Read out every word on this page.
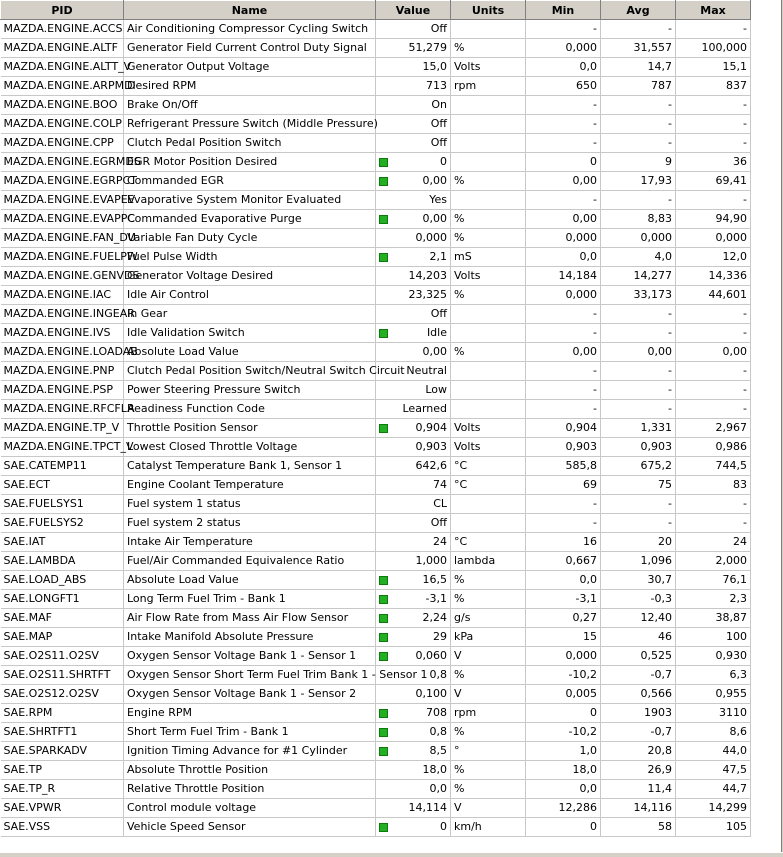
PID	Name	Value	Units	Min	Avg	Max
MAZDA.ENGINE.ACCS	Air Conditioning Compressor Cycling Switch	Off		-	-	-
MAZDA.ENGINE.ALTF	Generator Field Current Control Duty Signal	51,279	%	0,000	31,557	100,000
MAZDA.ENGINE.ALTT_V	Generator Output Voltage	15,0	Volts	0,0	14,7	15,1
MAZDA.ENGINE.ARPMDI	Desired RPM	713	rpm	650	787	837
MAZDA.ENGINE.BOO	Brake On/Off	On		-	-	-
MAZDA.ENGINE.COLP	Refrigerant Pressure Switch (Middle Pressure)	Off		-	-	-
MAZDA.ENGINE.CPP	Clutch Pedal Position Switch	Off		-	-	-
MAZDA.ENGINE.EGRMDS	EGR Motor Position Desired	0		0	9	36
MAZDA.ENGINE.EGRPCT	Commanded EGR	0,00	%	0,00	17,93	69,41
MAZDA.ENGINE.EVAPEV	Evaporative System Monitor Evaluated	Yes		-	-	-
MAZDA.ENGINE.EVAPPC	Commanded Evaporative Purge	0,00	%	0,00	8,83	94,90
MAZDA.ENGINE.FAN_DU	Variable Fan Duty Cycle	0,000	%	0,000	0,000	0,000
MAZDA.ENGINE.FUELPW	Fuel Pulse Width	2,1	mS	0,0	4,0	12,0
MAZDA.ENGINE.GENVDS	Generator Voltage Desired	14,203	Volts	14,184	14,277	14,336
MAZDA.ENGINE.IAC	Idle Air Control	23,325	%	0,000	33,173	44,601
MAZDA.ENGINE.INGEAR	In Gear	Off		-	-	-
MAZDA.ENGINE.IVS	Idle Validation Switch	Idle		-	-	-
MAZDA.ENGINE.LOADAB	Absolute Load Value	0,00	%	0,00	0,00	0,00
MAZDA.ENGINE.PNP	Clutch Pedal Position Switch/Neutral Switch Circuit	Neutral		-	-	-
MAZDA.ENGINE.PSP	Power Steering Pressure Switch	Low		-	-	-
MAZDA.ENGINE.RFCFLA	Readiness Function Code	Learned		-	-	-
MAZDA.ENGINE.TP_V	Throttle Position Sensor	0,904	Volts	0,904	1,331	2,967
MAZDA.ENGINE.TPCT_V	Lowest Closed Throttle Voltage	0,903	Volts	0,903	0,903	0,986
SAE.CATEMP11	Catalyst Temperature Bank 1, Sensor 1	642,6	°C	585,8	675,2	744,5
SAE.ECT	Engine Coolant Temperature	74	°C	69	75	83
SAE.FUELSYS1	Fuel system 1 status	CL		-	-	-
SAE.FUELSYS2	Fuel system 2 status	Off		-	-	-
SAE.IAT	Intake Air Temperature	24	°C	16	20	24
SAE.LAMBDA	Fuel/Air Commanded Equivalence Ratio	1,000	lambda	0,667	1,096	2,000
SAE.LOAD_ABS	Absolute Load Value	16,5	%	0,0	30,7	76,1
SAE.LONGFT1	Long Term Fuel Trim - Bank 1	-3,1	%	-3,1	-0,3	2,3
SAE.MAF	Air Flow Rate from Mass Air Flow Sensor	2,24	g/s	0,27	12,40	38,87
SAE.MAP	Intake Manifold Absolute Pressure	29	kPa	15	46	100
SAE.O2S11.O2SV	Oxygen Sensor Voltage Bank 1 - Sensor 1	0,060	V	0,000	0,525	0,930
SAE.O2S11.SHRTFT	Oxygen Sensor Short Term Fuel Trim Bank 1 - Sensor 1	0,8	%	-10,2	-0,7	6,3
SAE.O2S12.O2SV	Oxygen Sensor Voltage Bank 1 - Sensor 2	0,100	V	0,005	0,566	0,955
SAE.RPM	Engine RPM	708	rpm	0	1903	3110
SAE.SHRTFT1	Short Term Fuel Trim - Bank 1	0,8	%	-10,2	-0,7	8,6
SAE.SPARKADV	Ignition Timing Advance for #1 Cylinder	8,5	°	1,0	20,8	44,0
SAE.TP	Absolute Throttle Position	18,0	%	18,0	26,9	47,5
SAE.TP_R	Relative Throttle Position	0,0	%	0,0	11,4	44,7
SAE.VPWR	Control module voltage	14,114	V	12,286	14,116	14,299
SAE.VSS	Vehicle Speed Sensor	0	km/h	0	58	105
